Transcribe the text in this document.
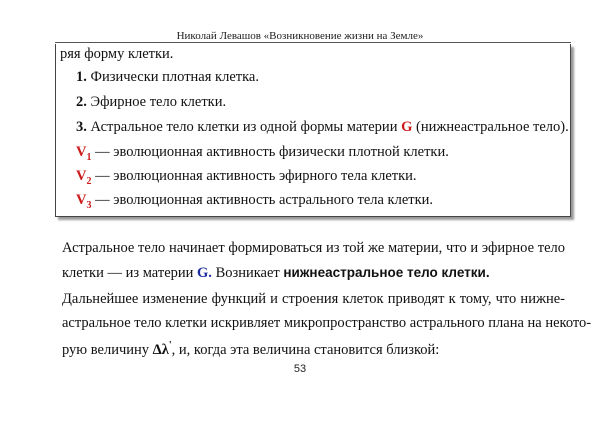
Николай Левашов «Возникновение жизни на Земле»
ряя форму клетки.
1. Физически плотная клетка.
2. Эфирное тело клетки.
3. Астральное тело клетки из одной формы материи G (нижнеастральное тело).
$V_1$ — эволюционная активность физически плотной клетки.
$V_2$ — эволюционная активность эфирного тела клетки.
$V_3$ — эволюционная активность астрального тела клетки.
Астральное тело начинает формироваться из той же материи, что и эфирное тело
клетки — из материи G. Возникает нижнеастральное тело клетки.
Дальнейшее изменение функций и строения клеток приводят к тому, что нижне-
астральное тело клетки искривляет микропространство астрального плана на некото-
рую величину Δλ', и, когда эта величина становится близкой:
53
